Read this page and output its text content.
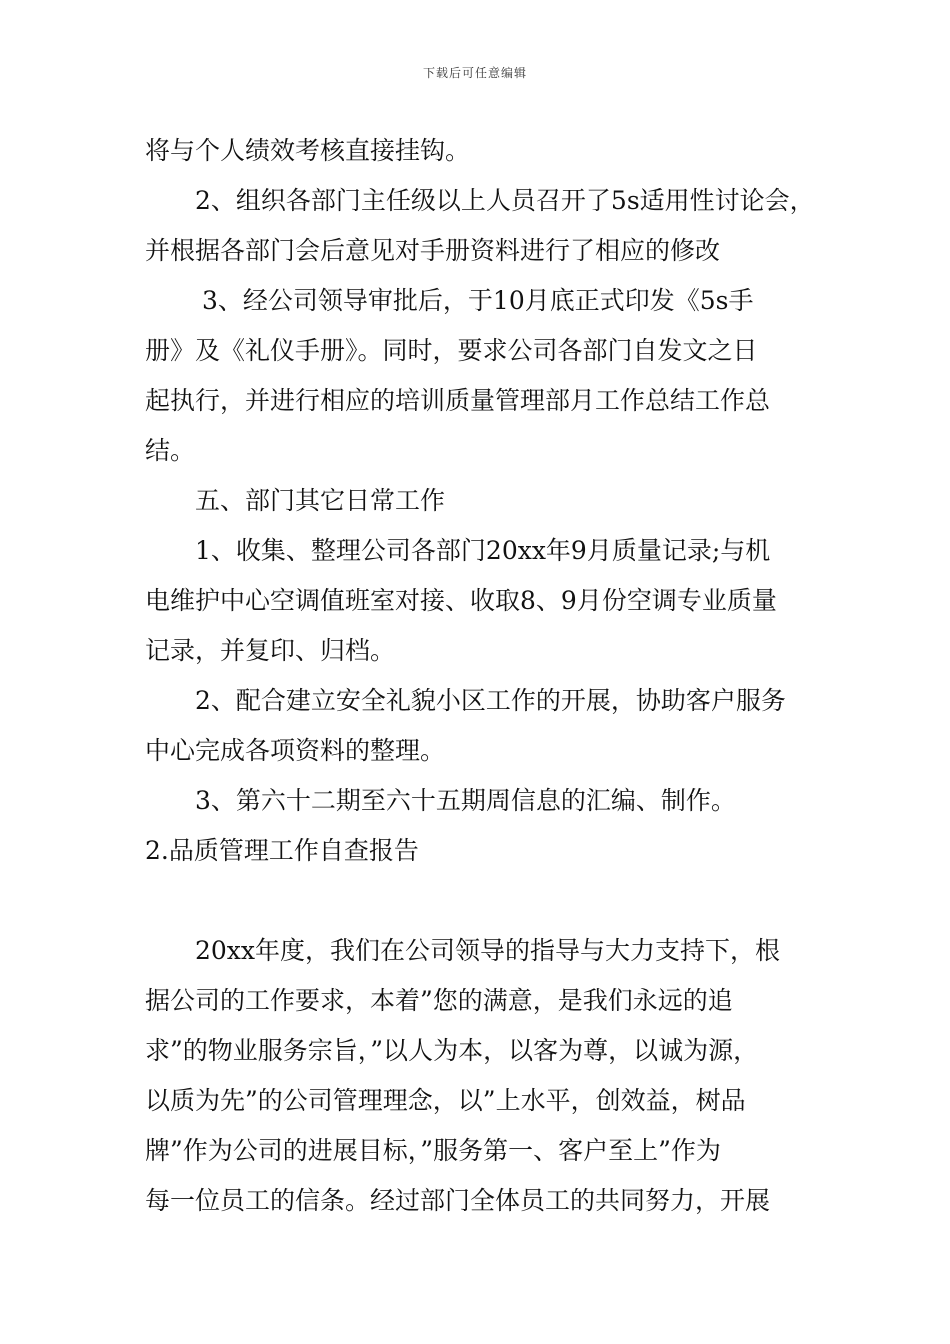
下载后可任意编辑
将与个人绩效考核直接挂钩。
2、组织各部门主任级以上人员召开了5s适用性讨论会，
并根据各部门会后意见对手册资料进行了相应的修改
3、经公司领导审批后，于10月底正式印发《5s手
册》及《礼仪手册》。同时，要求公司各部门自发文之日
起执行，并进行相应的培训质量管理部月工作总结工作总
结。
五、部门其它日常工作
1、收集、整理公司各部门20xx年9月质量记录;与机
电维护中心空调值班室对接、收取8、9月份空调专业质量
记录，并复印、归档。
2、配合建立安全礼貌小区工作的开展，协助客户服务
中心完成各项资料的整理。
3、第六十二期至六十五期周信息的汇编、制作。
2.品质管理工作自查报告
20xx年度，我们在公司领导的指导与大力支持下，根
据公司的工作要求，本着”您的满意，是我们永远的追
求”的物业服务宗旨，”以人为本，以客为尊，以诚为源，
以质为先”的公司管理理念，以”上水平，创效益，树品
牌”作为公司的进展目标，”服务第一、客户至上”作为
每一位员工的信条。经过部门全体员工的共同努力，开展
